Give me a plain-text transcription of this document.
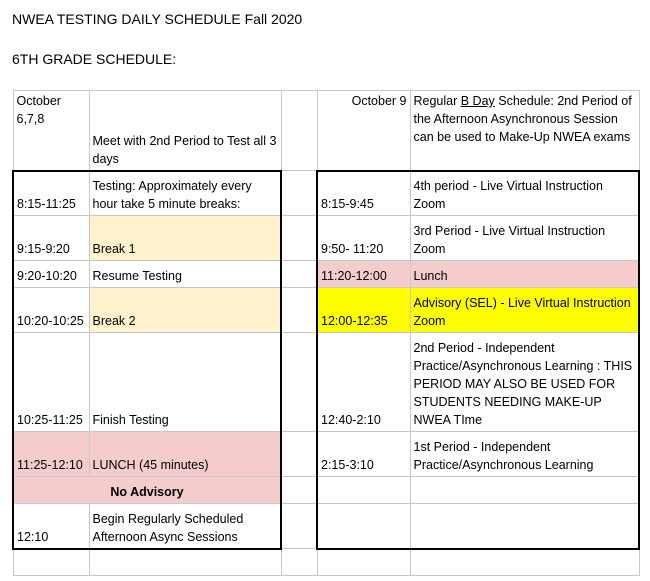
NWEA TESTING DAILY SCHEDULE Fall 2020
6TH GRADE SCHEDULE:
October 6,7,8	Meet with 2nd Period to Test all 3 days		October 9	Regular B Day Schedule: 2nd Period of the Afternoon Asynchronous Session can be used to Make-Up NWEA exams
8:15-11:25	Testing: Approximately every hour take 5 minute breaks:		8:15-9:45	4th period - Live Virtual Instruction Zoom
9:15-9:20	Break 1		9:50- 11:20	3rd Period - Live Virtual Instruction Zoom
9:20-10:20	Resume Testing		11:20-12:00	Lunch
10:20-10:25	Break 2		12:00-12:35	Advisory (SEL) - Live Virtual Instruction Zoom
10:25-11:25	Finish Testing		12:40-2:10	2nd Period - Independent Practice/Asynchronous Learning : THIS PERIOD MAY ALSO BE USED FOR STUDENTS NEEDING MAKE-UP NWEA TIme
11:25-12:10	LUNCH (45 minutes)		2:15-3:10	1st Period - Independent Practice/Asynchronous Learning
No Advisory				
12:10	Begin Regularly Scheduled Afternoon Async Sessions			
